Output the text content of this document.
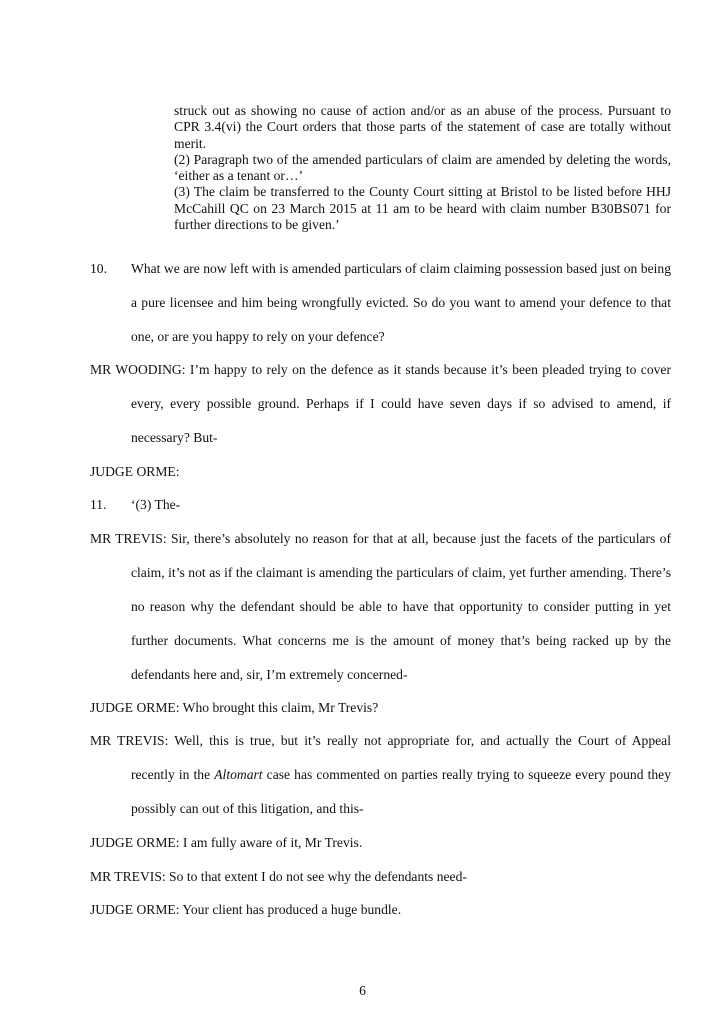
struck out as showing no cause of action and/or as an abuse of the process. Pursuant to CPR 3.4(vi) the Court orders that those parts of the statement of case are totally without merit.

(2) Paragraph two of the amended particulars of claim are amended by deleting the words, ‘either as a tenant or…’

(3) The claim be transferred to the County Court sitting at Bristol to be listed before HHJ McCahill QC on 23 March 2015 at 11 am to be heard with claim number B30BS071 for further directions to be given.’

10. What we are now left with is amended particulars of claim claiming possession based just on being a pure licensee and him being wrongfully evicted. So do you want to amend your defence to that one, or are you happy to rely on your defence?

MR WOODING: I’m happy to rely on the defence as it stands because it’s been pleaded trying to cover every, every possible ground. Perhaps if I could have seven days if so advised to amend, if necessary? But-

JUDGE ORME:

11. ‘(3) The-

MR TREVIS: Sir, there’s absolutely no reason for that at all, because just the facets of the particulars of claim, it’s not as if the claimant is amending the particulars of claim, yet further amending. There’s no reason why the defendant should be able to have that opportunity to consider putting in yet further documents. What concerns me is the amount of money that’s being racked up by the defendants here and, sir, I’m extremely concerned-

JUDGE ORME: Who brought this claim, Mr Trevis?

MR TREVIS: Well, this is true, but it’s really not appropriate for, and actually the Court of Appeal recently in the Altomart case has commented on parties really trying to squeeze every pound they possibly can out of this litigation, and this-

JUDGE ORME: I am fully aware of it, Mr Trevis.

MR TREVIS: So to that extent I do not see why the defendants need-

JUDGE ORME: Your client has produced a huge bundle.

6
